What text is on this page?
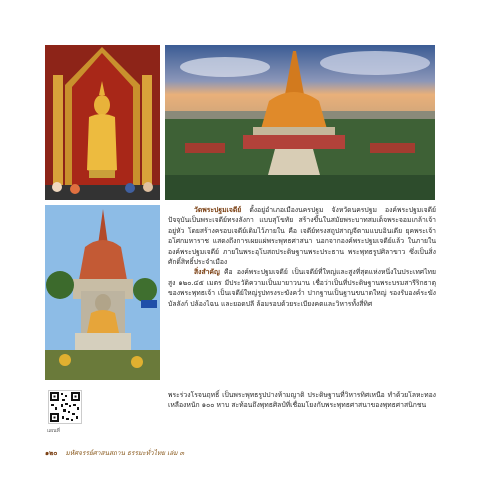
วัดพระปฐมเจดีย์ ตั้งอยู่อำเภอเมืองนครปฐม จังหวัดนครปฐม องค์พระปฐมเจดีย์ปัจจุบันเป็นพระเจดีย์ทรงลังกา แบบสุโขทัย สร้างขึ้นในสมัยพระบาทสมเด็จพระจอมเกล้าเจ้าอยู่หัว โดยสร้างครอบเจดีย์เดิมไว้ภายใน คือ เจดีย์ทรงสถูปสาญจีตามแบบอินเดีย ยุคพระเจ้าอโศกมหาราช แสดงถึงการเผยแผ่พระพุทธศาสนา นอกจากองค์พระปฐมเจดีย์แล้ว ในภายในองค์พระปฐมเจดีย์ ภายในพระอุโบสถประดิษฐานพระประธาน พระพุทธรูปศิลาขาว ซึ่งเป็นสิ่งศักดิ์สิทธิ์ประจำเมือง

สิ่งสำคัญ คือ องค์พระปฐมเจดีย์ เป็นเจดีย์ที่ใหญ่และสูงที่สุดแห่งหนึ่งในประเทศไทย สูง ๑๒๐.๔๕ เมตร มีประวัติความเป็นมายาวนาน เชื่อว่าเป็นที่ประดิษฐานพระบรมสารีริกธาตุของพระพุทธเจ้า เป็นเจดีย์ใหญ่รูปทรงระฆังคว่ำ ปากฐานเป็นฐานขนาดใหญ่ รองรับองค์ระฆัง บัลลังก์ ปล้องไฉน และยอดปลี ล้อมรอบด้วยระเบียงคตและวิหารทั้งสี่ทิศ

แผนที่

พระร่วงโรจนฤทธิ์ เป็นพระพุทธรูปปางห้ามญาติ ประดิษฐานที่วิหารทิศเหนือ ทำด้วยโลหะทองเหลืองหนัก ๑๐๐ หาบ สะท้อนถึงพุทธศิลป์ที่เชื่อมโยงกับพระพุทธศาสนาของพุทธศาสนิกชน

๑๒๐ มหัศจรรย์ศาสนสถาน ธรรมะทั่วไทย เล่ม ๓
